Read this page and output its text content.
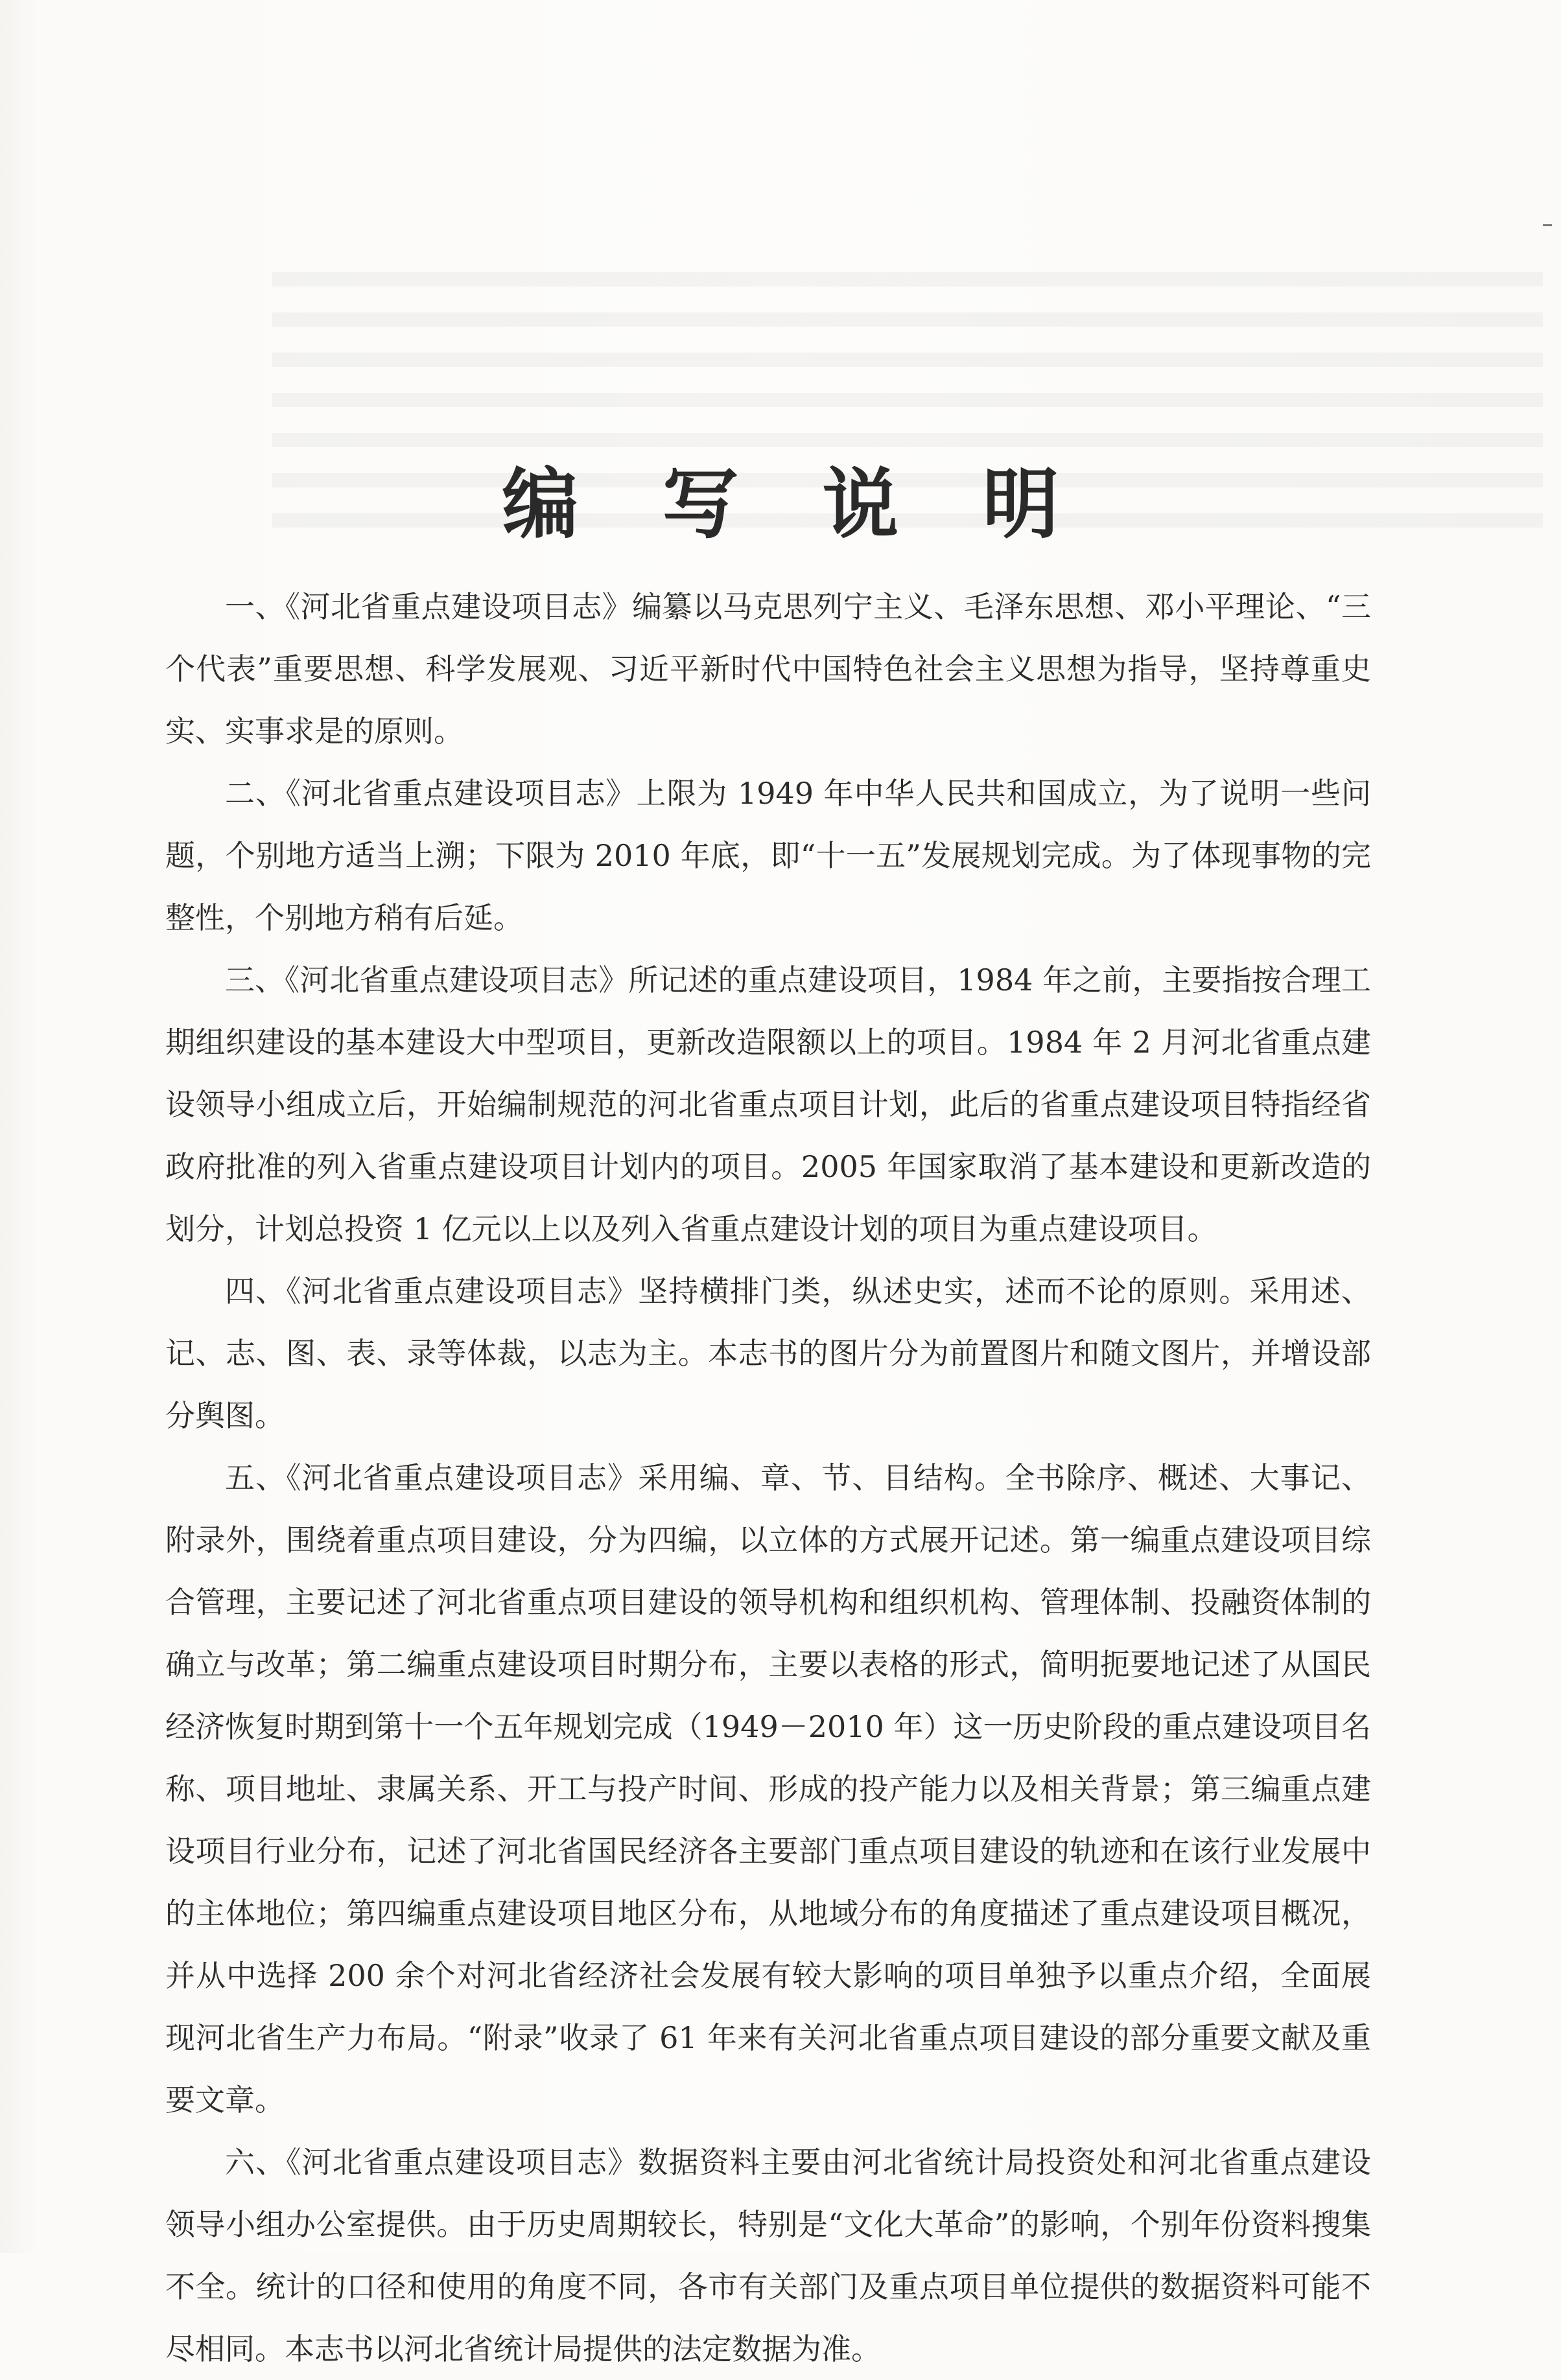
编 写 说 明

一、《河北省重点建设项目志》编纂以马克思列宁主义、毛泽东思想、邓小平理论、“三个代表”重要思想、科学发展观、习近平新时代中国特色社会主义思想为指导，坚持尊重史实、实事求是的原则。

二、《河北省重点建设项目志》上限为 1949 年中华人民共和国成立，为了说明一些问题，个别地方适当上溯；下限为 2010 年底，即“十一五”发展规划完成。为了体现事物的完整性，个别地方稍有后延。

三、《河北省重点建设项目志》所记述的重点建设项目，1984 年之前，主要指按合理工期组织建设的基本建设大中型项目，更新改造限额以上的项目。1984 年 2 月河北省重点建设领导小组成立后，开始编制规范的河北省重点项目计划，此后的省重点建设项目特指经省政府批准的列入省重点建设项目计划内的项目。2005 年国家取消了基本建设和更新改造的划分，计划总投资 1 亿元以上以及列入省重点建设计划的项目为重点建设项目。

四、《河北省重点建设项目志》坚持横排门类，纵述史实，述而不论的原则。采用述、记、志、图、表、录等体裁，以志为主。本志书的图片分为前置图片和随文图片，并增设部分舆图。

五、《河北省重点建设项目志》采用编、章、节、目结构。全书除序、概述、大事记、附录外，围绕着重点项目建设，分为四编，以立体的方式展开记述。第一编重点建设项目综合管理，主要记述了河北省重点项目建设的领导机构和组织机构、管理体制、投融资体制的确立与改革；第二编重点建设项目时期分布，主要以表格的形式，简明扼要地记述了从国民经济恢复时期到第十一个五年规划完成（1949－2010 年）这一历史阶段的重点建设项目名称、项目地址、隶属关系、开工与投产时间、形成的投产能力以及相关背景；第三编重点建设项目行业分布，记述了河北省国民经济各主要部门重点项目建设的轨迹和在该行业发展中的主体地位；第四编重点建设项目地区分布，从地域分布的角度描述了重点建设项目概况，并从中选择 200 余个对河北省经济社会发展有较大影响的项目单独予以重点介绍，全面展现河北省生产力布局。“附录”收录了 61 年来有关河北省重点项目建设的部分重要文献及重要文章。

六、《河北省重点建设项目志》数据资料主要由河北省统计局投资处和河北省重点建设领导小组办公室提供。由于历史周期较长，特别是“文化大革命”的影响，个别年份资料搜集不全。统计的口径和使用的角度不同，各市有关部门及重点项目单位提供的数据资料可能不尽相同。本志书以河北省统计局提供的法定数据为准。
